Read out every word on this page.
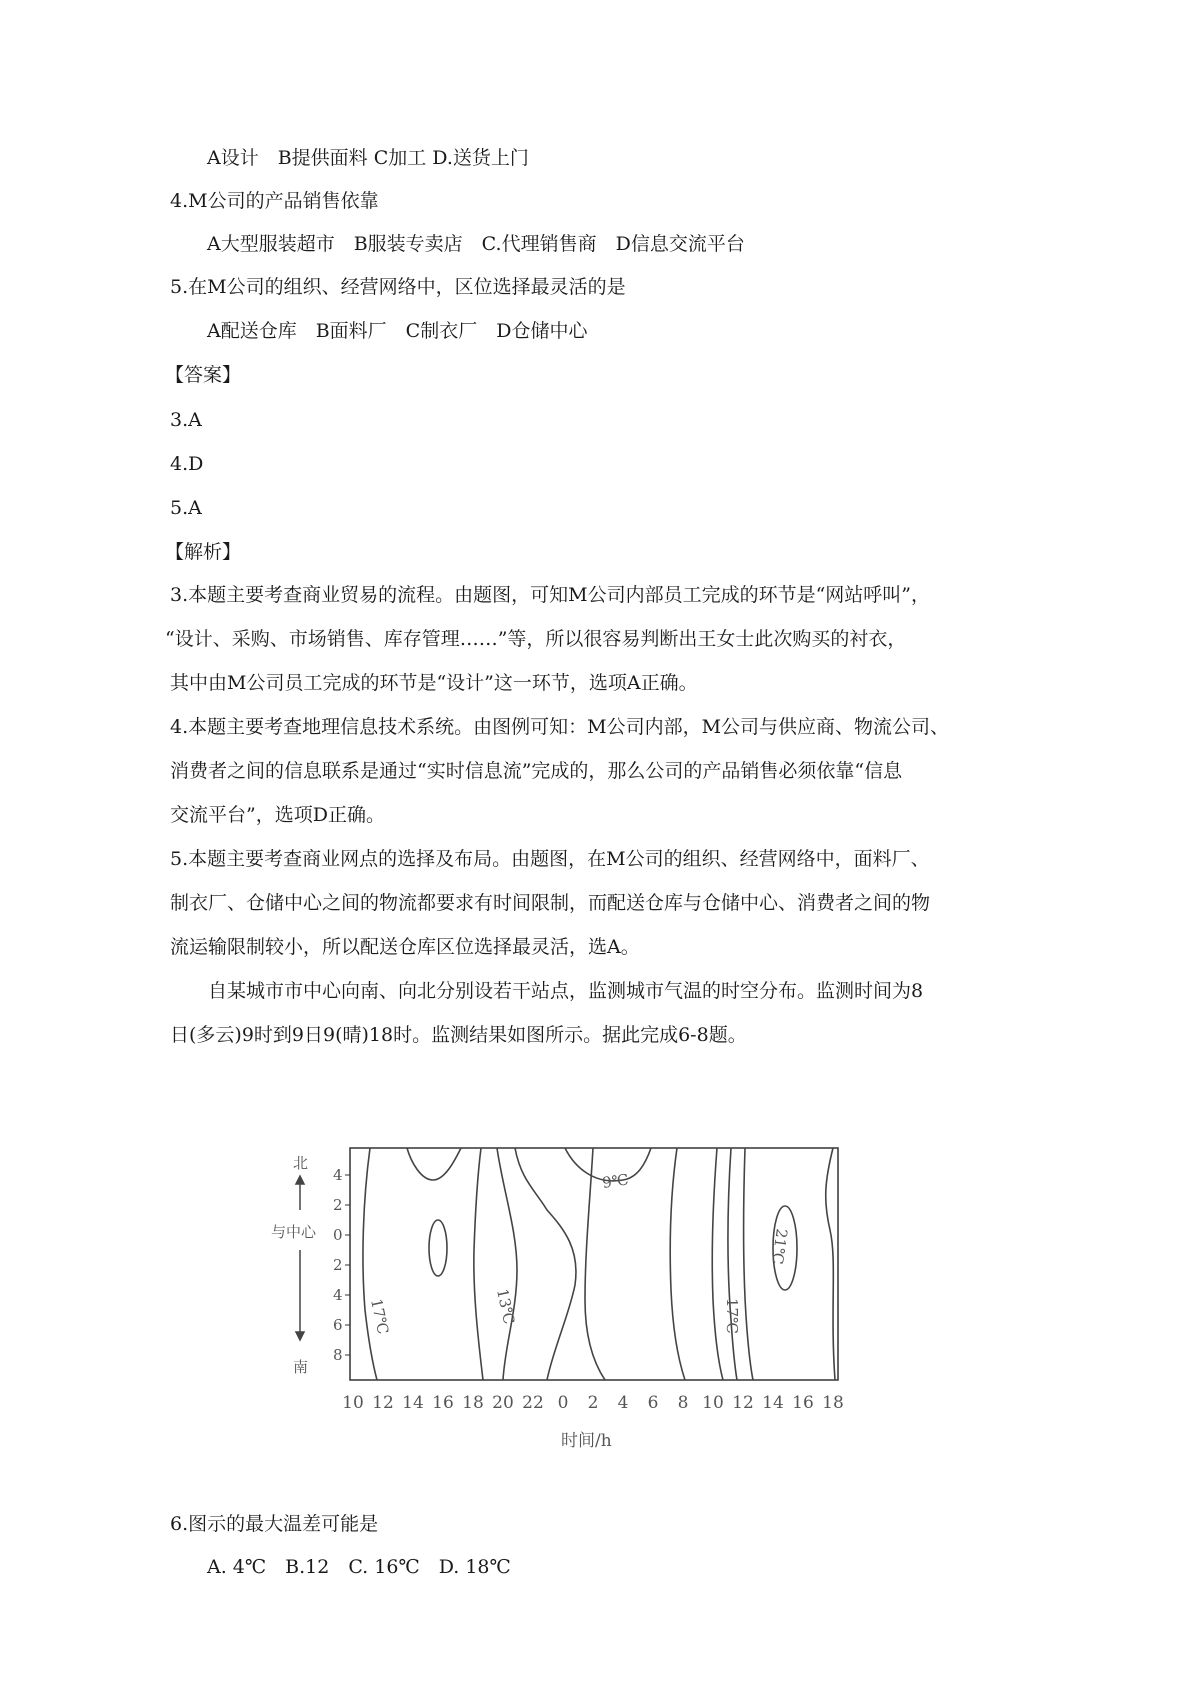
A设计　B提供面料 C加工 D.送货上门
4.M公司的产品销售依靠
A大型服装超市　B服装专卖店　C.代理销售商　D信息交流平台
5.在M公司的组织、经营网络中，区位选择最灵活的是
A配送仓库　B面料厂　C制衣厂　D仓储中心
【答案】
3.A
4.D
5.A
【解析】
3.本题主要考查商业贸易的流程。由题图，可知M公司内部员工完成的环节是“网站呼叫”，
“设计、采购、市场销售、库存管理……”等，所以很容易判断出王女士此次购买的衬衣，
其中由M公司员工完成的环节是“设计”这一环节，选项A正确。
4.本题主要考查地理信息技术系统。由图例可知：M公司内部，M公司与供应商、物流公司、
消费者之间的信息联系是通过“实时信息流”完成的，那么公司的产品销售必须依靠“信息
交流平台”，选项D正确。
5.本题主要考查商业网点的选择及布局。由题图，在M公司的组织、经营网络中，面料厂、
制衣厂、仓储中心之间的物流都要求有时间限制，而配送仓库与仓储中心、消费者之间的物
流运输限制较小，所以配送仓库区位选择最灵活，选A。
　　自某城市市中心向南、向北分别设若干站点，监测城市气温的时空分布。监测时间为8
日(多云)9时到9日9(晴)18时。监测结果如图所示。据此完成6-8题。
北
与中心
南
4
2
0
2
4
6
8
10 12 14 16 18 20 22 0 2 4 6 8 10 12 14 16 18
9℃
13℃
17℃	17℃
21℃
时间/h
6.图示的最大温差可能是
A. 4℃　B.12　C. 16℃　D. 18℃
